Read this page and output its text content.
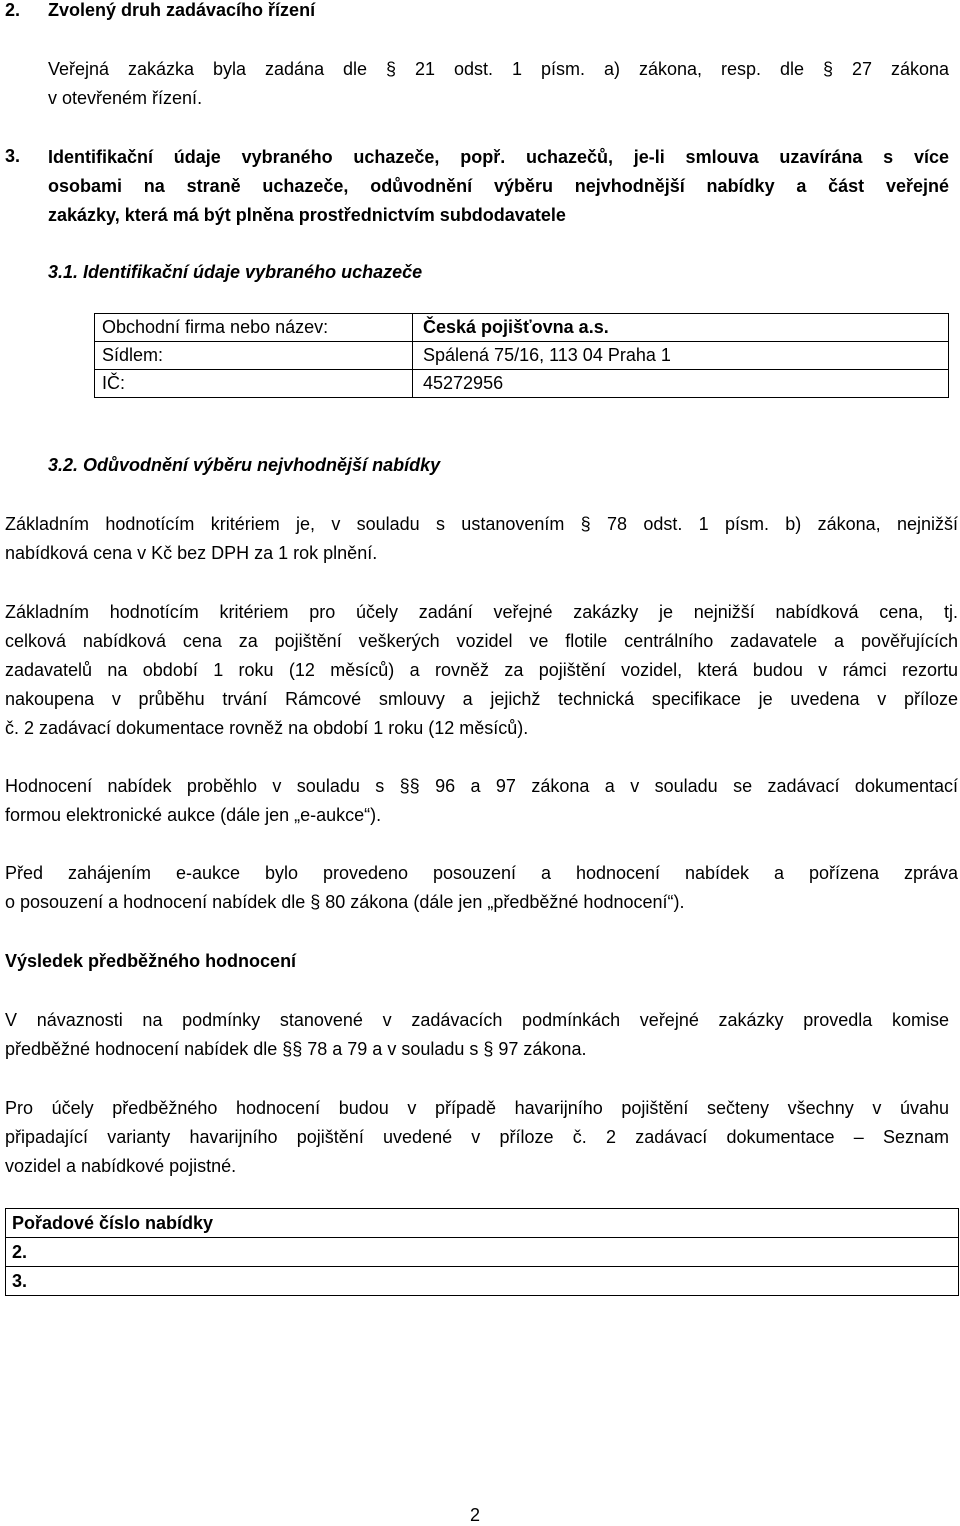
2. Zvolený druh zadávacího řízení
Veřejná zakázka byla zadána dle § 21 odst. 1 písm. a) zákona, resp. dle § 27 zákona
v otevřeném řízení.
3. Identifikační údaje vybraného uchazeče, popř. uchazečů, je-li smlouva uzavírána s více
osobami na straně uchazeče, odůvodnění výběru nejvhodnější nabídky a část veřejné
zakázky, která má být plněna prostřednictvím subdodavatele
3.1. Identifikační údaje vybraného uchazeče
Obchodní firma nebo název:	Česká pojišťovna a.s.
Sídlem:	Spálená 75/16, 113 04 Praha 1
IČ:	45272956
3.2. Odůvodnění výběru nejvhodnější nabídky
Základním hodnotícím kritériem je, v souladu s ustanovením § 78 odst. 1 písm. b) zákona, nejnižší
nabídková cena v Kč bez DPH za 1 rok plnění.
Základním hodnotícím kritériem pro účely zadání veřejné zakázky je nejnižší nabídková cena, tj.
celková nabídková cena za pojištění veškerých vozidel ve flotile centrálního zadavatele a pověřujících
zadavatelů na období 1 roku (12 měsíců) a rovněž za pojištění vozidel, která budou v rámci rezortu
nakoupena v průběhu trvání Rámcové smlouvy a jejichž technická specifikace je uvedena v příloze
č. 2 zadávací dokumentace rovněž na období 1 roku (12 měsíců).
Hodnocení nabídek proběhlo v souladu s §§ 96 a 97 zákona a v souladu se zadávací dokumentací
formou elektronické aukce (dále jen „e-aukce“).
Před zahájením e-aukce bylo provedeno posouzení a hodnocení nabídek a pořízena zpráva
o posouzení a hodnocení nabídek dle § 80 zákona (dále jen „předběžné hodnocení“).
Výsledek předběžného hodnocení
V návaznosti na podmínky stanovené v zadávacích podmínkách veřejné zakázky provedla komise
předběžné hodnocení nabídek dle §§ 78 a 79 a v souladu s § 97 zákona.
Pro účely předběžného hodnocení budou v případě havarijního pojištění sečteny všechny v úvahu
připadající varianty havarijního pojištění uvedené v příloze č. 2 zadávací dokumentace – Seznam
vozidel a nabídkové pojistné.
Pořadové číslo nabídky
2.
3.
2
